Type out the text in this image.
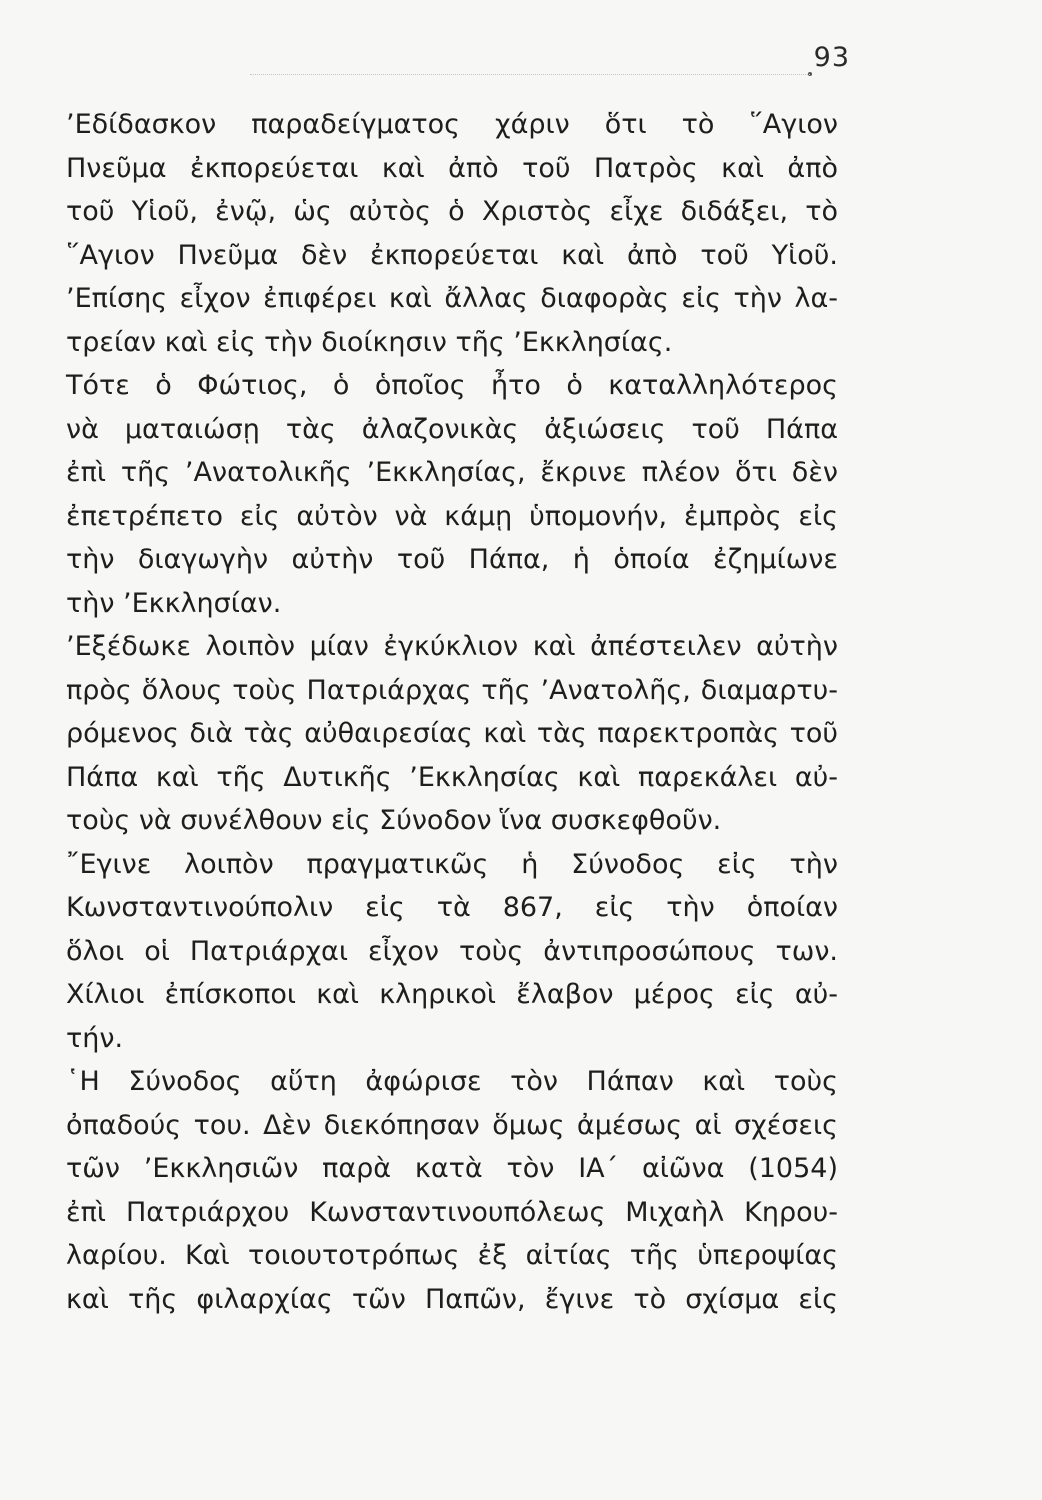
93
’Εδίδασκον παραδείγματος χάριν ὅτι τὸ ῞Αγιον
Πνεῦμα ἐκπορεύεται καὶ ἀπὸ τοῦ Πατρὸς καὶ ἀπὸ
τοῦ Υἱοῦ, ἐνῷ, ὡς αὐτὸς ὁ Χριστὸς εἶχε διδάξει, τὸ
῞Αγιον Πνεῦμα δὲν ἐκπορεύεται καὶ ἀπὸ τοῦ Υἱοῦ.
’Επίσης εἶχον ἐπιφέρει καὶ ἄλλας διαφορὰς εἰς τὴν λα-
τρείαν καὶ εἰς τὴν διοίκησιν τῆς ’Εκκλησίας.
Τότε ὁ Φώτιος, ὁ ὁποῖος ἦτο ὁ καταλληλότερος
νὰ ματαιώσῃ τὰς ἀλαζονικὰς ἀξιώσεις τοῦ Πάπα
ἐπὶ τῆς ’Ανατολικῆς ’Εκκλησίας, ἔκρινε πλέον ὅτι δὲν
ἐπετρέπετο εἰς αὐτὸν νὰ κάμῃ ὑπομονήν, ἐμπρὸς εἰς
τὴν διαγωγὴν αὐτὴν τοῦ Πάπα, ἡ ὁποία ἐζημίωνε
τὴν ’Εκκλησίαν.
’Εξέδωκε λοιπὸν μίαν ἐγκύκλιον καὶ ἀπέστειλεν αὐτὴν
πρὸς ὅλους τοὺς Πατριάρχας τῆς ’Ανατολῆς, διαμαρτυ-
ρόμενος διὰ τὰς αὐθαιρεσίας καὶ τὰς παρεκτροπὰς τοῦ
Πάπα καὶ τῆς Δυτικῆς ’Εκκλησίας καὶ παρεκάλει αὐ-
τοὺς νὰ συνέλθουν εἰς Σύνοδον ἵνα συσκεφθοῦν.
῎Εγινε λοιπὸν πραγματικῶς ἡ Σύνοδος εἰς τὴν
Κωνσταντινούπολιν εἰς τὰ 867, εἰς τὴν ὁποίαν
ὅλοι οἱ Πατριάρχαι εἶχον τοὺς ἀντιπροσώπους των.
Χίλιοι ἐπίσκοποι καὶ κληρικοὶ ἔλαβον μέρος εἰς αὐ-
τήν.
῾Η Σύνοδος αὕτη ἀφώρισε τὸν Πάπαν καὶ τοὺς
ὀπαδούς του. Δὲν διεκόπησαν ὅμως ἀμέσως αἱ σχέσεις
τῶν ’Εκκλησιῶν παρὰ κατὰ τὸν ΙΑ΄ αἰῶνα (1054)
ἐπὶ Πατριάρχου Κωνσταντινουπόλεως Μιχαὴλ Κηρου-
λαρίου. Καὶ τοιουτοτρόπως ἐξ αἰτίας τῆς ὑπεροψίας
καὶ τῆς φιλαρχίας τῶν Παπῶν, ἔγινε τὸ σχίσμα εἰς
